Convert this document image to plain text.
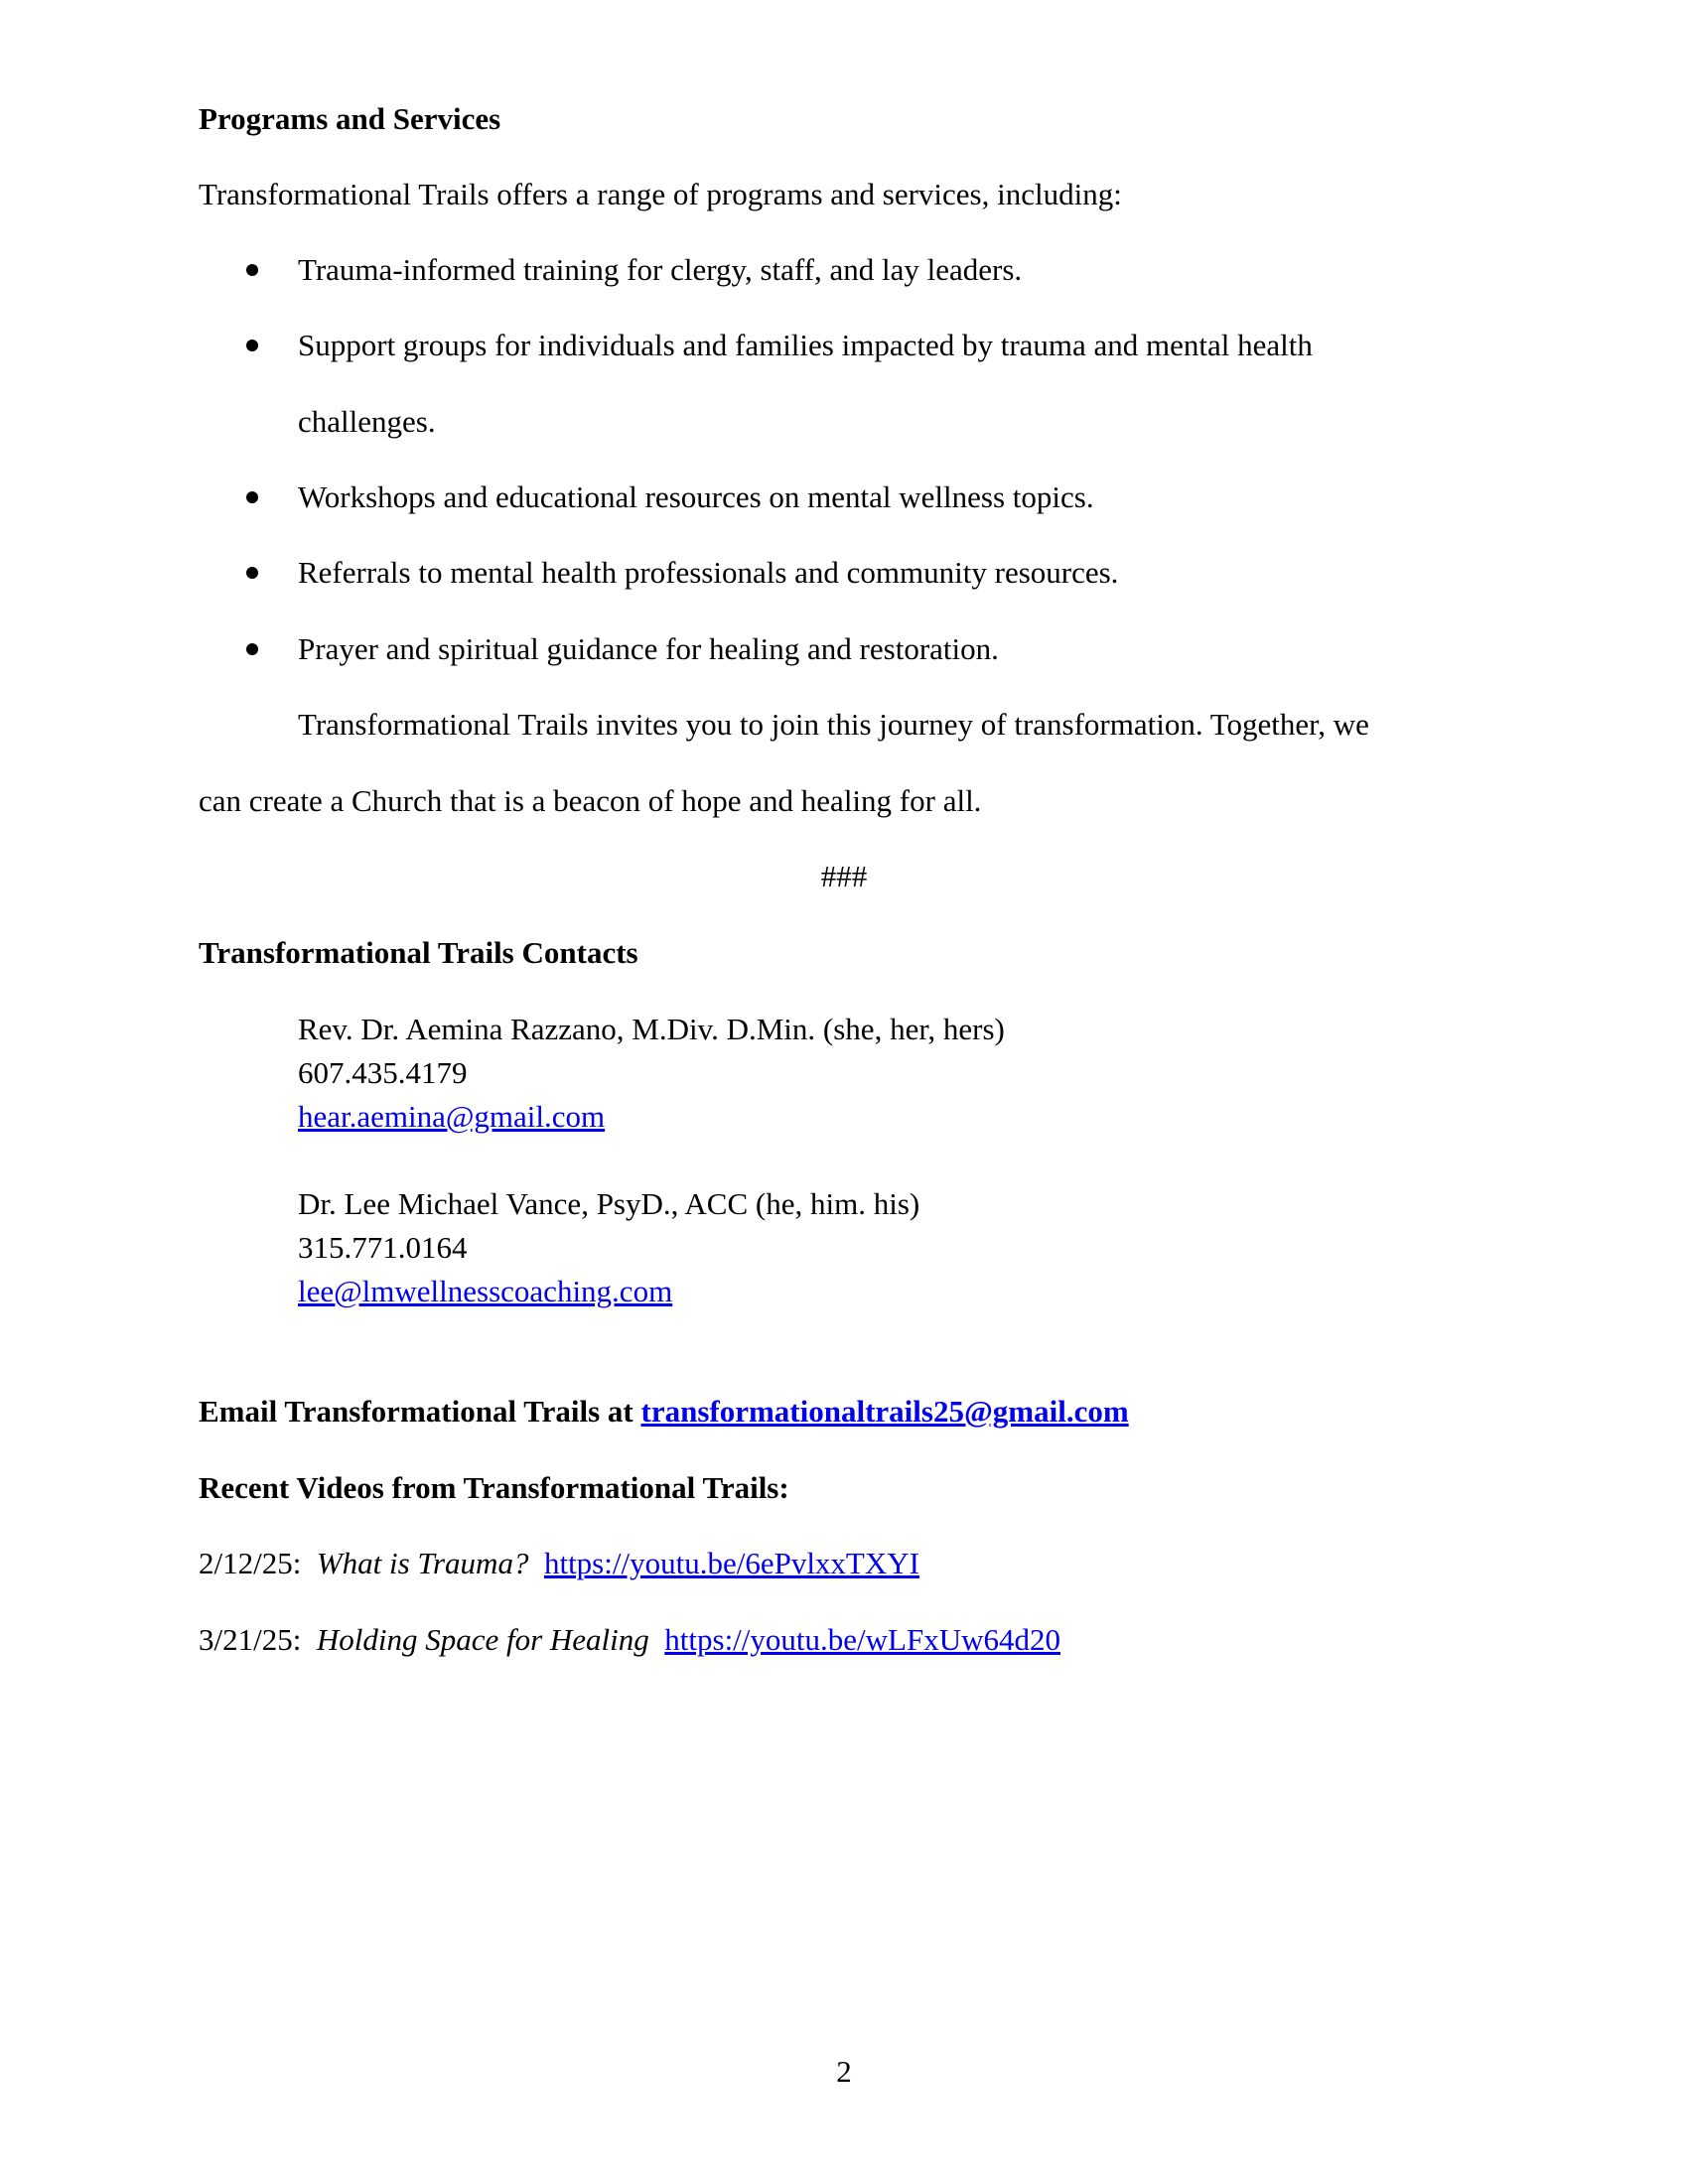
Programs and Services
Transformational Trails offers a range of programs and services, including:
Trauma-informed training for clergy, staff, and lay leaders.
Support groups for individuals and families impacted by trauma and mental health
challenges.
Workshops and educational resources on mental wellness topics.
Referrals to mental health professionals and community resources.
Prayer and spiritual guidance for healing and restoration.
Transformational Trails invites you to join this journey of transformation. Together, we
can create a Church that is a beacon of hope and healing for all.
###
Transformational Trails Contacts
Rev. Dr. Aemina Razzano, M.Div. D.Min. (she, her, hers)
607.435.4179
hear.aemina@gmail.com
Dr. Lee Michael Vance, PsyD., ACC (he, him. his)
315.771.0164
lee@lmwellnesscoaching.com
Email Transformational Trails at transformationaltrails25@gmail.com
Recent Videos from Transformational Trails:
2/12/25: What is Trauma? https://youtu.be/6ePvlxxTXYI
3/21/25: Holding Space for Healing https://youtu.be/wLFxUw64d20
2
